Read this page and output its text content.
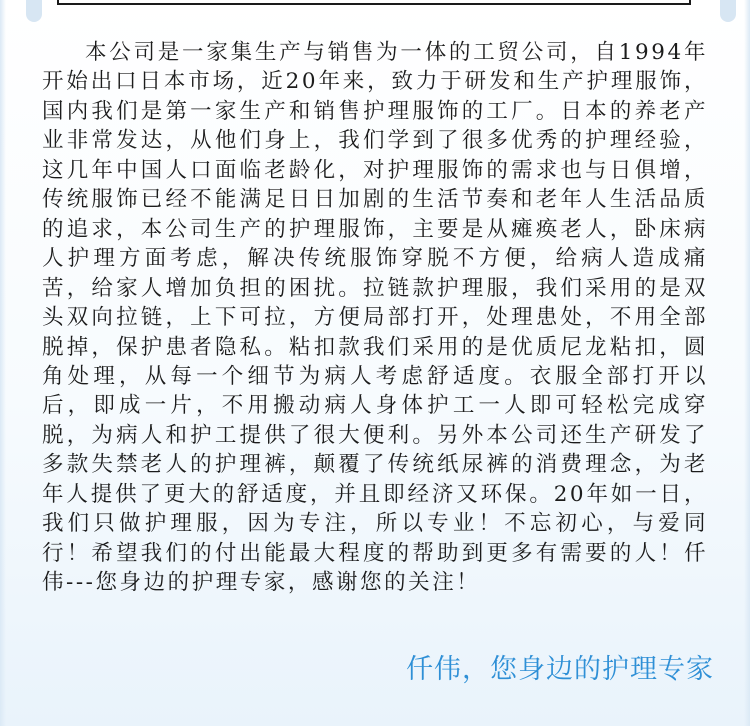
本公司是一家集生产与销售为一体的工贸公司，自1994年开始出口日本市场，近20年来，致力于研发和生产护理服饰，国内我们是第一家生产和销售护理服饰的工厂。日本的养老产业非常发达，从他们身上，我们学到了很多优秀的护理经验，这几年中国人口面临老龄化，对护理服饰的需求也与日俱增，传统服饰已经不能满足日日加剧的生活节奏和老年人生活品质的追求，本公司生产的护理服饰，主要是从瘫痪老人，卧床病人护理方面考虑，解决传统服饰穿脱不方便，给病人造成痛苦，给家人增加负担的困扰。拉链款护理服，我们采用的是双头双向拉链，上下可拉，方便局部打开，处理患处，不用全部脱掉，保护患者隐私。粘扣款我们采用的是优质尼龙粘扣，圆角处理，从每一个细节为病人考虑舒适度。衣服全部打开以后，即成一片，不用搬动病人身体护工一人即可轻松完成穿脱，为病人和护工提供了很大便利。另外本公司还生产研发了多款失禁老人的护理裤，颠覆了传统纸尿裤的消费理念，为老年人提供了更大的舒适度，并且即经济又环保。20年如一日，我们只做护理服，因为专注，所以专业！不忘初心，与爱同行！希望我们的付出能最大程度的帮助到更多有需要的人！仟伟---您身边的护理专家，感谢您的关注！

仟伟，您身边的护理专家
